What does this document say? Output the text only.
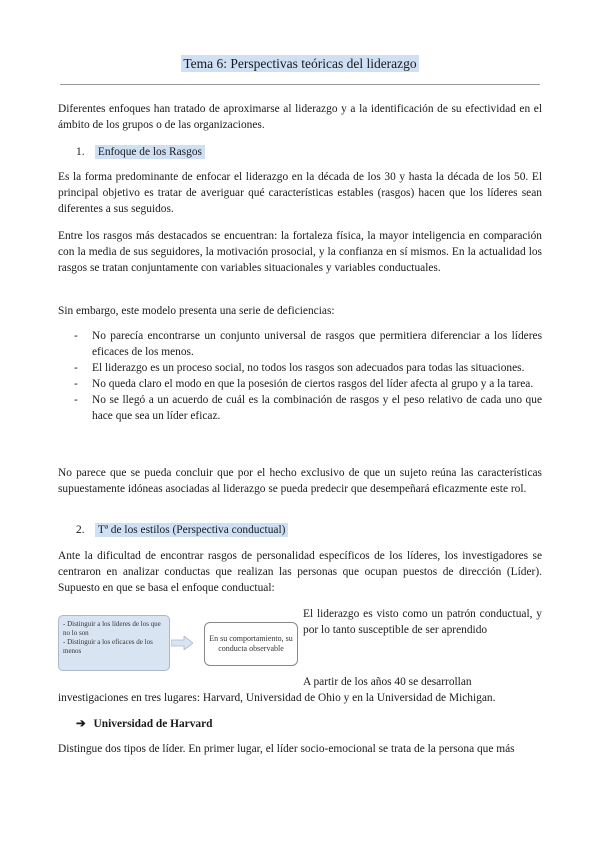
Tema 6: Perspectivas teóricas del liderazgo

Diferentes enfoques han tratado de aproximarse al liderazgo y a la identificación de su efectividad en el ámbito de los grupos o de las organizaciones.

1. Enfoque de los Rasgos

Es la forma predominante de enfocar el liderazgo en la década de los 30 y hasta la década de los 50. El principal objetivo es tratar de averiguar qué características estables (rasgos) hacen que los líderes sean diferentes a sus seguidos.

Entre los rasgos más destacados se encuentran: la fortaleza física, la mayor inteligencia en comparación con la media de sus seguidores, la motivación prosocial, y la confianza en sí mismos. En la actualidad los rasgos se tratan conjuntamente con variables situacionales y variables conductuales.

Sin embargo, este modelo presenta una serie de deficiencias:

- No parecía encontrarse un conjunto universal de rasgos que permitiera diferenciar a los líderes eficaces de los menos.
- El liderazgo es un proceso social, no todos los rasgos son adecuados para todas las situaciones.
- No queda claro el modo en que la posesión de ciertos rasgos del líder afecta al grupo y a la tarea.
- No se llegó a un acuerdo de cuál es la combinación de rasgos y el peso relativo de cada uno que hace que sea un líder eficaz.

No parece que se pueda concluir que por el hecho exclusivo de que un sujeto reúna las características supuestamente idóneas asociadas al liderazgo se pueda predecir que desempeñará eficazmente este rol.

2. Tª de los estilos (Perspectiva conductual)

Ante la dificultad de encontrar rasgos de personalidad específicos de los líderes, los investigadores se centraron en analizar conductas que realizan las personas que ocupan puestos de dirección (Líder). Supuesto en que se basa el enfoque conductual:

- Distinguir a los líderes de los que no lo son
- Distinguir a los eficaces de los menos
En su comportamiento, su conducta observable

El liderazgo es visto como un patrón conductual, y por lo tanto susceptible de ser aprendido

A partir de los años 40 se desarrollan

investigaciones en tres lugares: Harvard, Universidad de Ohio y en la Universidad de Michigan.

➔ Universidad de Harvard

Distingue dos tipos de líder. En primer lugar, el líder socio-emocional se trata de la persona que más
